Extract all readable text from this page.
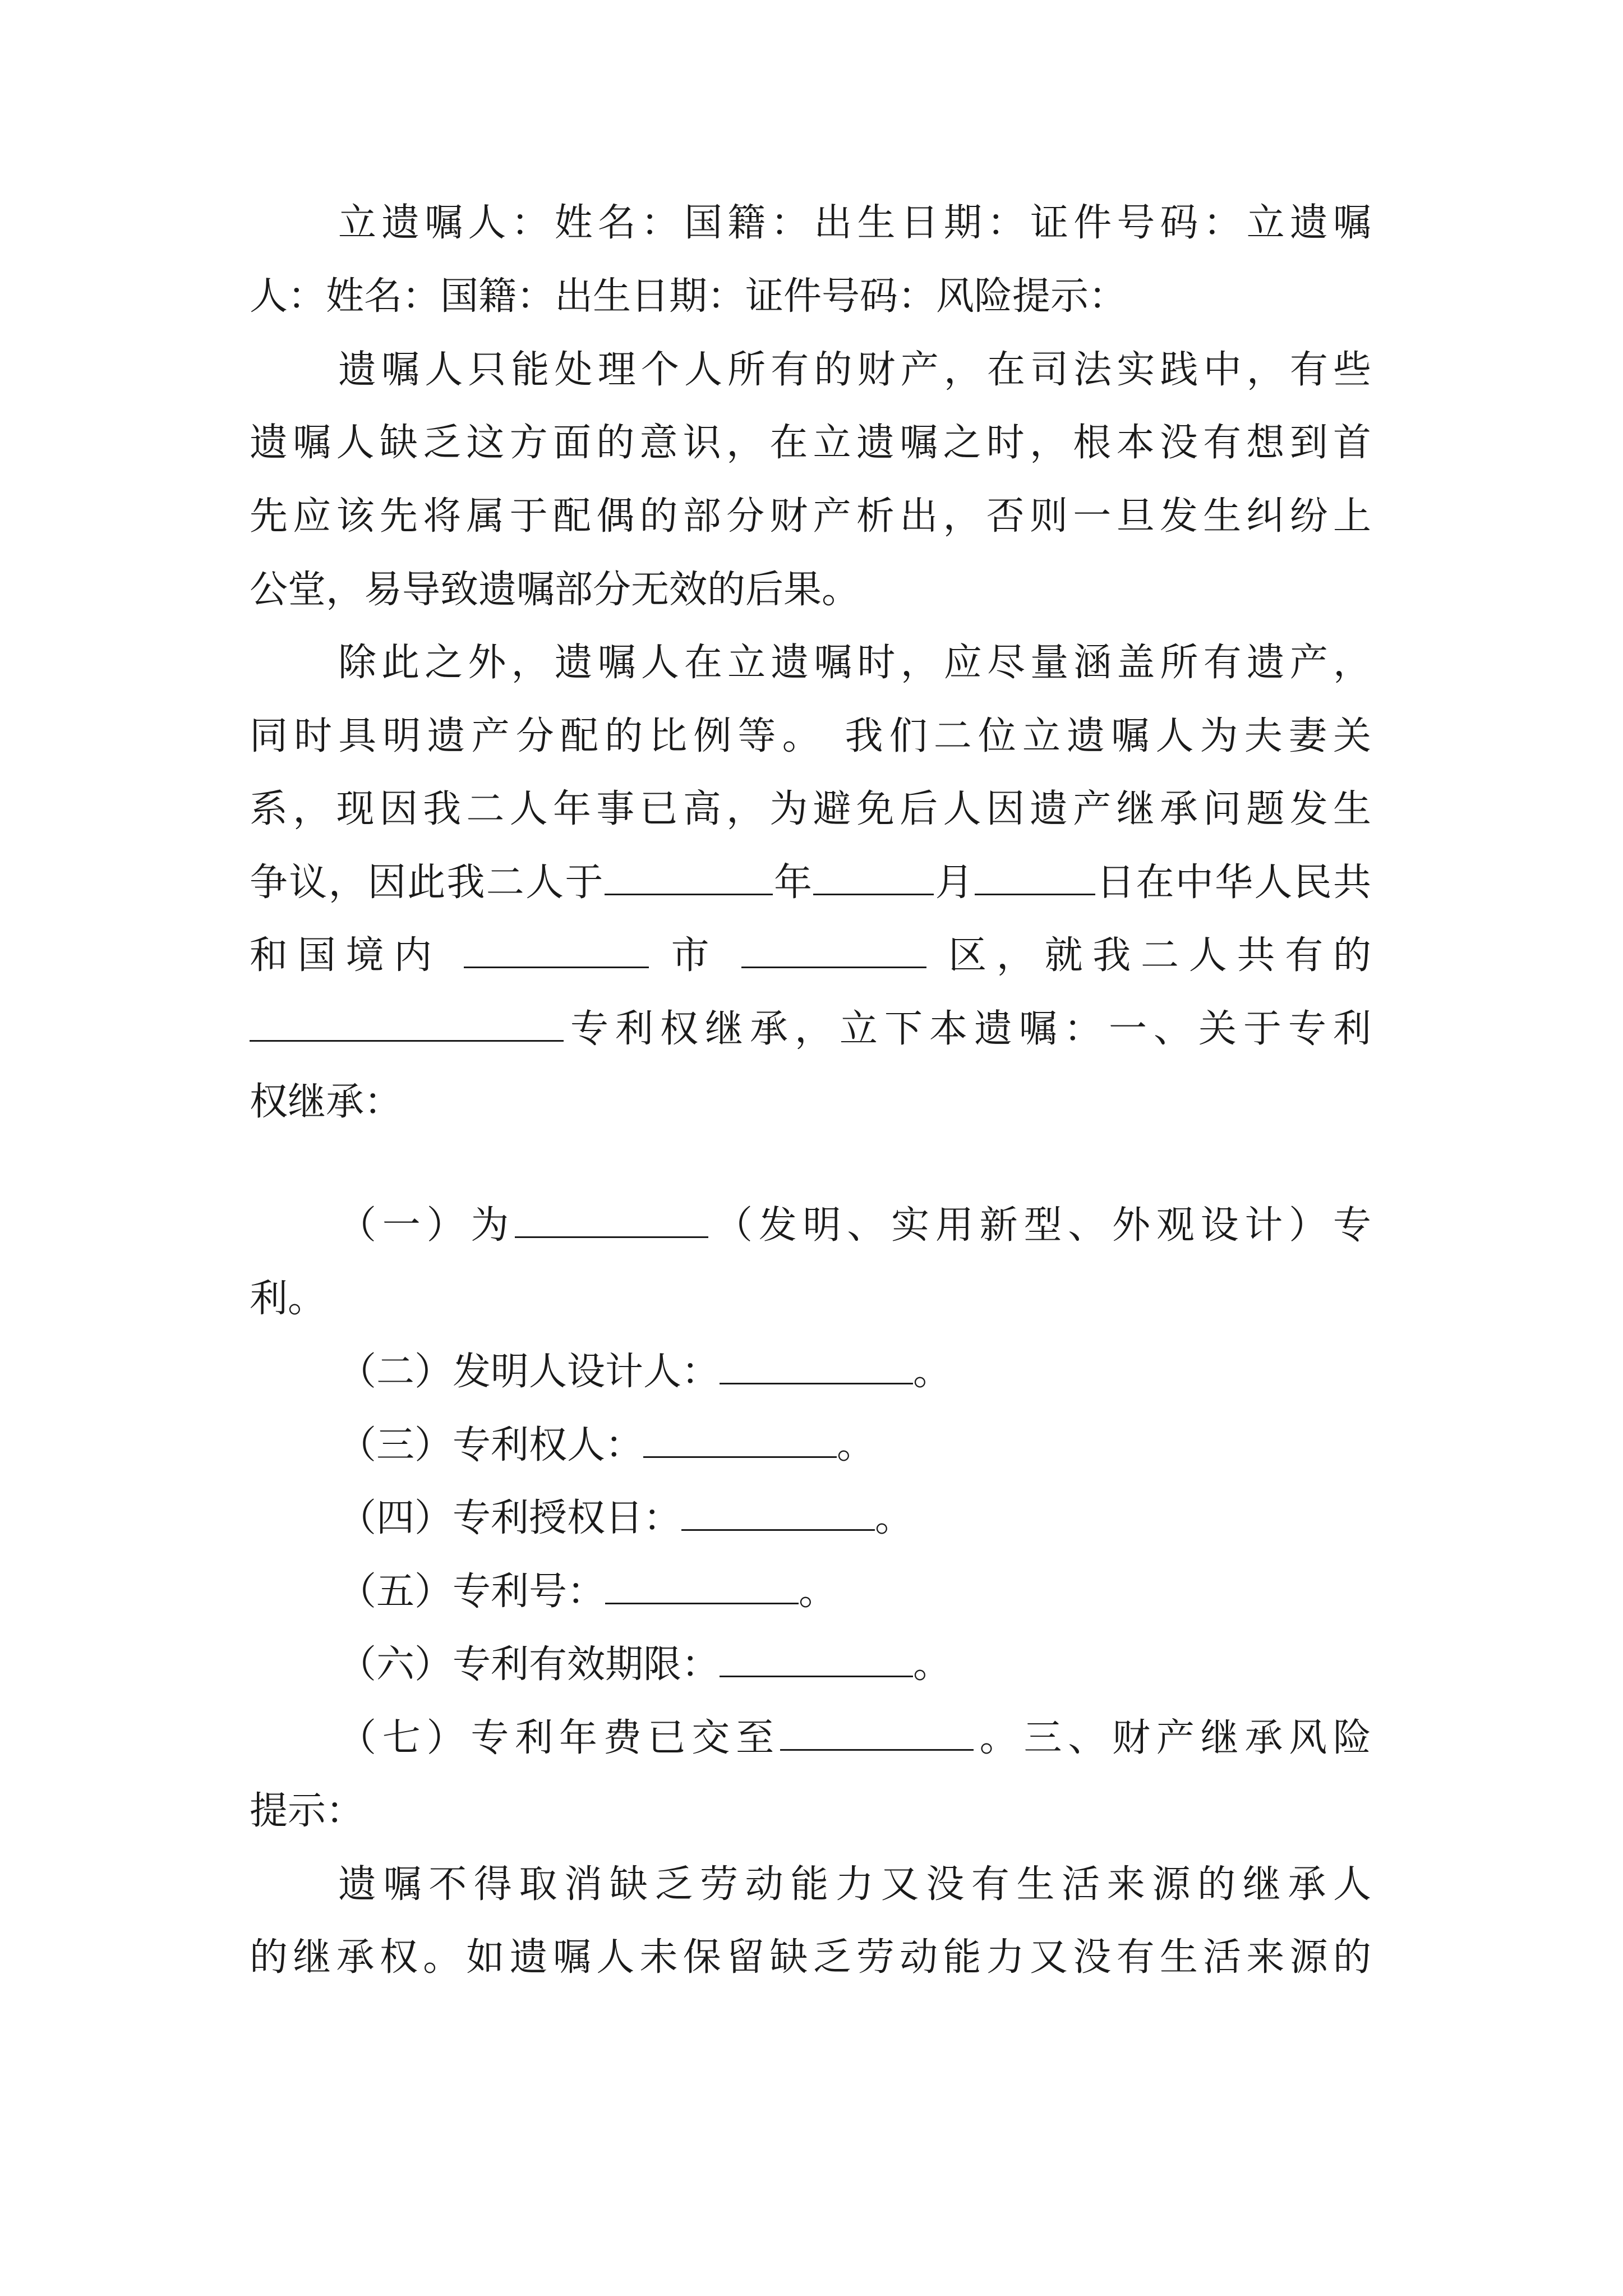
立遗嘱人：姓名：国籍：出生日期：证件号码：立遗嘱
人：姓名：国籍：出生日期：证件号码：风险提示：
遗嘱人只能处理个人所有的财产，在司法实践中，有些
遗嘱人缺乏这方面的意识，在立遗嘱之时，根本没有想到首
先应该先将属于配偶的部分财产析出，否则一旦发生纠纷上
公堂，易导致遗嘱部分无效的后果。
除此之外，遗嘱人在立遗嘱时，应尽量涵盖所有遗产，
同时具明遗产分配的比例等。 我们二位立遗嘱人为夫妻关
系，现因我二人年事已高，为避免后人因遗产继承问题发生
争议，因此我二人于	年	月	日在中华人民共
和国境内	市	区，就我二人共有的
专利权继承，立下本遗嘱：一、关于专利
权继承：
（一）为	（发明、实用新型、外观设计）专
利。
（二）发明人设计人：	。
（三）专利权人：	。
（四）专利授权日：	。
（五）专利号：	。
（六）专利有效期限：	。
（七）专利年费已交至	。三、财产继承风险
提示：
遗嘱不得取消缺乏劳动能力又没有生活来源的继承人
的继承权。如遗嘱人未保留缺乏劳动能力又没有生活来源的
